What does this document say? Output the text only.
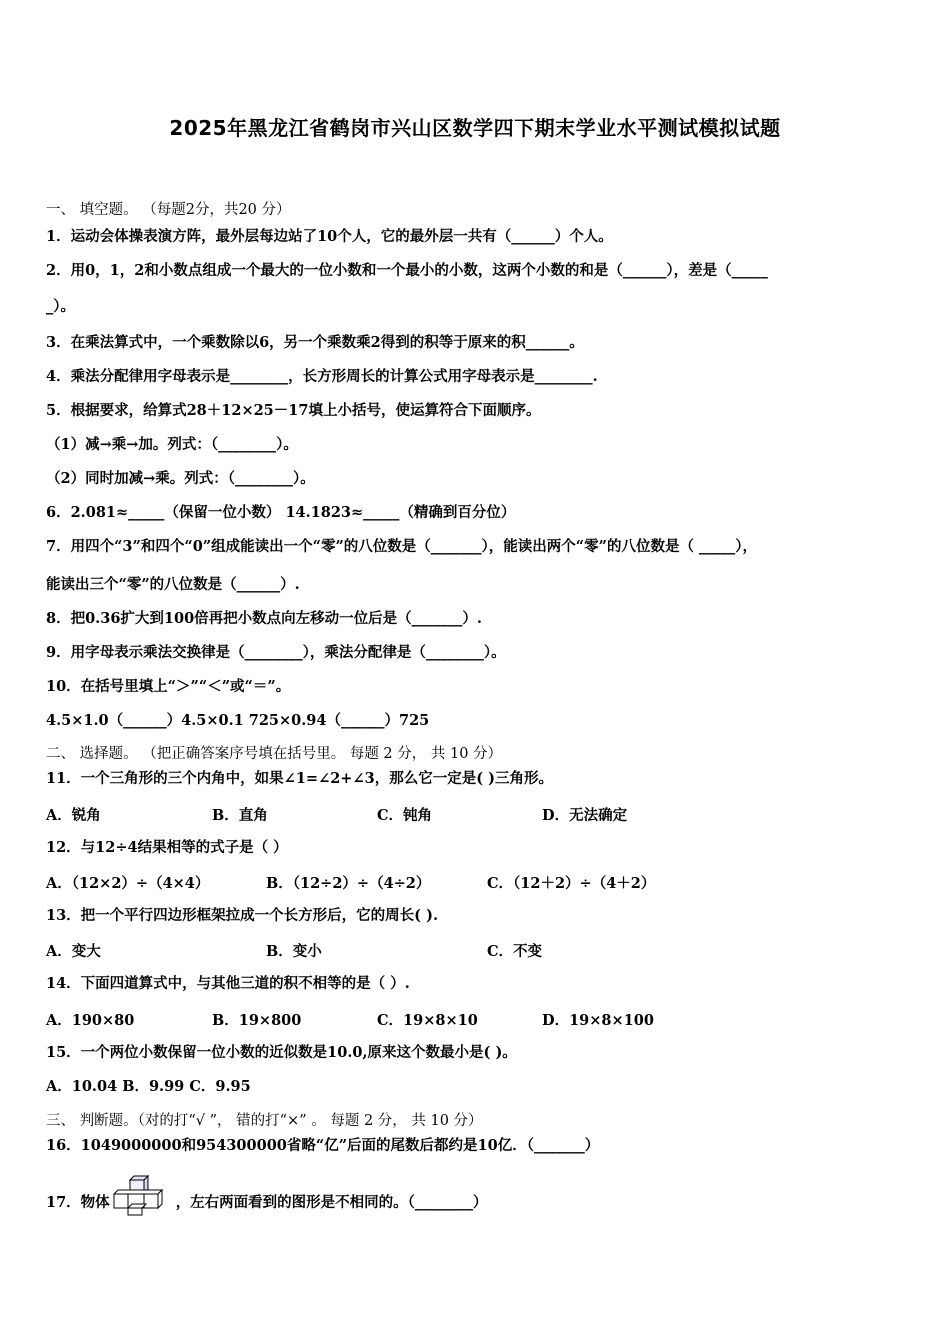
2025年黑龙江省鹤岗市兴山区数学四下期末学业水平测试模拟试题
一、 填空题。 （每题2分，共20 分）
1．运动会体操表演方阵，最外层每边站了10个人，它的最外层一共有（______）个人。
2．用0，1，2和小数点组成一个最大的一位小数和一个最小的小数，这两个小数的和是（______），差是（_____
_）。
3．在乘法算式中，一个乘数除以6，另一个乘数乘2得到的积等于原来的积______。
4．乘法分配律用字母表示是________，长方形周长的计算公式用字母表示是________.
5．根据要求，给算式28＋12×25－17填上小括号，使运算符合下面顺序。
（1）减→乘→加。列式：（________）。
（2）同时加减→乘。列式：（________）。
6．2.081≈_____（保留一位小数） 14.1823≈_____（精确到百分位）
7．用四个“3”和四个“0”组成能读出一个“零”的八位数是（_______），能读出两个“零”的八位数是（ _____），
能读出三个“零”的八位数是（______）.
8．把0.36扩大到100倍再把小数点向左移动一位后是（_______）.
9．用字母表示乘法交换律是（________），乘法分配律是（________）。
10．在括号里填上“＞”“＜”或“＝”。
4.5×1.0（______）4.5×0.1 725×0.94（______）725
二、 选择题。 （把正确答案序号填在括号里。 每题 2 分， 共 10 分）
11．一个三角形的三个内角中，如果∠1=∠2+∠3，那么它一定是( )三角形。
A．锐角	B．直角	C．钝角	D．无法确定
12．与12÷4结果相等的式子是（ ）
A．（12×2）÷（4×4）	B．（12÷2）÷（4÷2）	C．（12＋2）÷（4＋2）
13．把一个平行四边形框架拉成一个长方形后，它的周长( ).
A．变大	B．变小	C．不变
14．下面四道算式中，与其他三道的积不相等的是（ ）.
A．190×80	B．19×800	C．19×8×10	D．19×8×100
15．一个两位小数保留一位小数的近似数是10.0,原来这个数最小是( )。
A．10.04 B．9.99 C．9.95
三、 判断题。（对的打“√ ”， 错的打“×” 。 每题 2 分， 共 10 分）
16．1049000000和954300000省略“亿”后面的尾数后都约是10亿．（_______）
17．物体	，左右两面看到的图形是不相同的。（________）
